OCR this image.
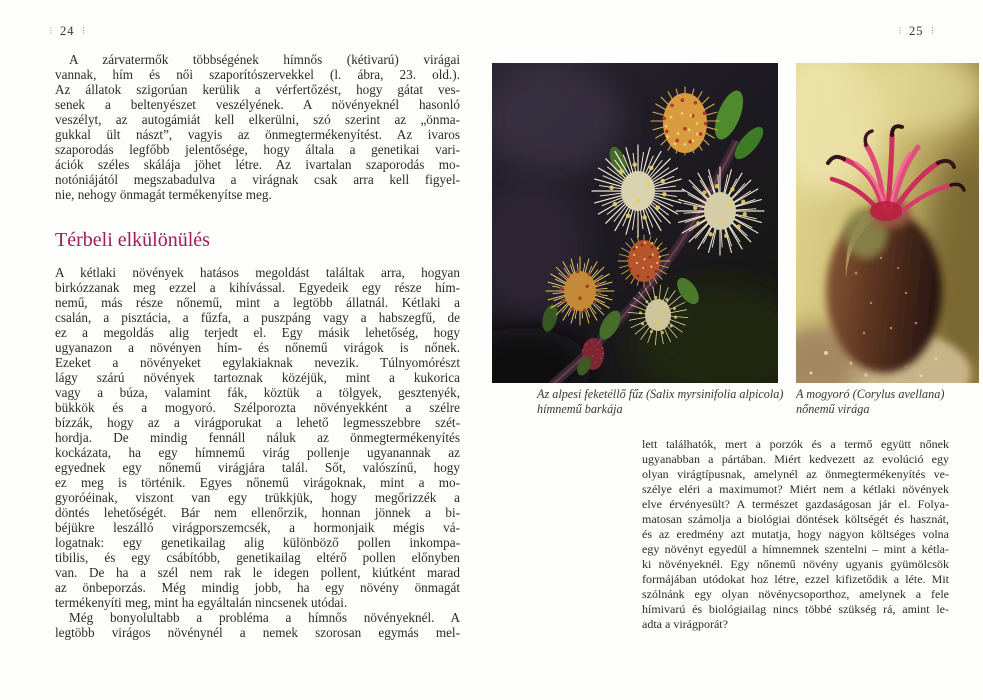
⋮ 24 ⋮	⋮ 25 ⋮
A zárvatermők többségének hímnős (kétivarú) virágai
vannak, hím és női szaporítószervekkel (l. ábra, 23. old.).
Az állatok szigorúan kerülik a vérfertőzést, hogy gátat ves-
senek a beltenyészet veszélyének. A növényeknél hasonló
veszélyt, az autogámiát kell elkerülni, szó szerint az „önma-
gukkal ült nászt”, vagyis az önmegtermékenyítést. Az ivaros
szaporodás legfőbb jelentősége, hogy általa a genetikai vari-
ációk széles skálája jöhet létre. Az ivartalan szaporodás mo-
notóniájától megszabadulva a virágnak csak arra kell figyel-
nie, nehogy önmagát termékenyítse meg.
Térbeli elkülönülés
A kétlaki növények hatásos megoldást találtak arra, hogyan
birkózzanak meg ezzel a kihívással. Egyedeik egy része hím-
nemű, más része nőnemű, mint a legtöbb állatnál. Kétlaki a
csalán, a pisztácia, a fűzfa, a puszpáng vagy a habszegfű, de
ez a megoldás alig terjedt el. Egy másik lehetőség, hogy
ugyanazon a növényen hím- és nőnemű virágok is nőnek.
Ezeket a növényeket egylakiaknak nevezik. Túlnyomórészt
lágy szárú növények tartoznak közéjük, mint a kukorica
vagy a búza, valamint fák, köztük a tölgyek, gesztenyék,
bükkök és a mogyoró. Szélporozta növényekként a szélre
bízzák, hogy az a virágporukat a lehető legmesszebbre szét-
hordja. De mindig fennáll náluk az önmegtermékenyítés
kockázata, ha egy hímnemű virág pollenje ugyanannak az
egyednek egy nőnemű virágjára talál. Sőt, valószínű, hogy
ez meg is történik. Egyes nőnemű virágoknak, mint a mo-
gyoróéinak, viszont van egy trükkjük, hogy megőrizzék a
döntés lehetőségét. Bár nem ellenőrzik, honnan jönnek a bi-
béjükre leszálló virágporszemcsék, a hormonjaik mégis vá-
logatnak: egy genetikailag alig különböző pollen inkompa-
tibilis, és egy csábítóbb, genetikailag eltérő pollen előnyben
van. De ha a szél nem rak le idegen pollent, kiútként marad
az önbeporzás. Még mindig jobb, ha egy növény önmagát
termékenyíti meg, mint ha egyáltalán nincsenek utódai.
Még bonyolultabb a probléma a hímnős növényeknél. A
legtöbb virágos növénynél a nemek szorosan egymás mel-
Az alpesi feketéllő fűz (Salix myrsinifolia alpicola)
hímnemű barkája
A mogyoró (Corylus avellana)
nőnemű virága
lett találhatók, mert a porzók és a termő együtt nőnek
ugyanabban a pártában. Miért kedvezett az evolúció egy
olyan virágtípusnak, amelynél az önmegtermékenyítés ve-
szélye eléri a maximumot? Miért nem a kétlaki növények
elve érvényesült? A természet gazdaságosan jár el. Folya-
matosan számolja a biológiai döntések költségét és hasznát,
és az eredmény azt mutatja, hogy nagyon költséges volna
egy növényt egyedül a hímnemnek szentelni – mint a kétla-
ki növényeknél. Egy nőnemű növény ugyanis gyümölcsök
formájában utódokat hoz létre, ezzel kifizetődik a léte. Mit
szólnánk egy olyan növénycsoporthoz, amelynek a fele
hímivarú és biológiailag nincs többé szükség rá, amint le-
adta a virágporát?
